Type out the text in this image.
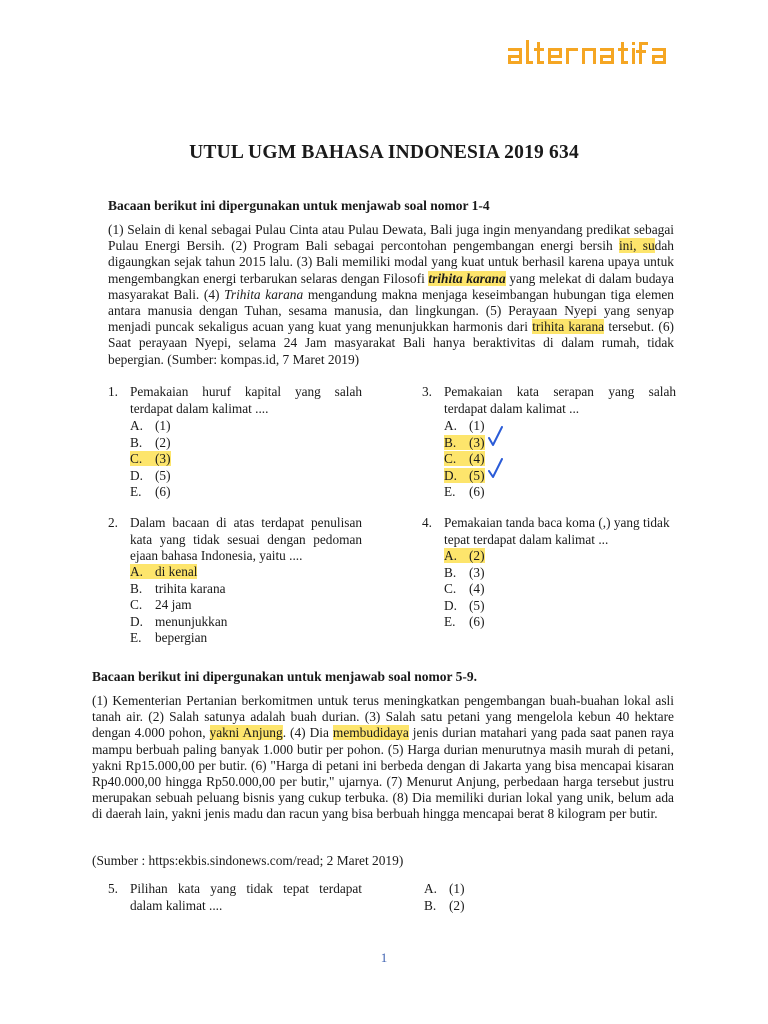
UTUL UGM BAHASA INDONESIA 2019 634
Bacaan berikut ini dipergunakan untuk menjawab soal nomor 1-4
(1) Selain di kenal sebagai Pulau Cinta atau Pulau Dewata, Bali juga ingin menyandang predikat sebagai Pulau Energi Bersih. (2) Program Bali sebagai percontohan pengembangan energi bersih ini, sudah digaungkan sejak tahun 2015 lalu. (3) Bali memiliki modal yang kuat untuk berhasil karena upaya untuk mengembangkan energi terbarukan selaras dengan Filosofi trihita karana yang melekat di dalam budaya masyarakat Bali. (4) Trihita karana mengandung makna menjaga keseimbangan hubungan tiga elemen antara manusia dengan Tuhan, sesama manusia, dan lingkungan. (5) Perayaan Nyepi yang senyap menjadi puncak sekaligus acuan yang kuat yang menunjukkan harmonis dari trihita karana tersebut. (6) Saat perayaan Nyepi, selama 24 Jam masyarakat Bali hanya beraktivitas di dalam rumah, tidak bepergian. (Sumber: kompas.id, 7 Maret 2019)
1. Pemakaian huruf kapital yang salah terdapat dalam kalimat ....
A. (1)
B. (2)
C. (3)
D. (5)
E. (6)
3. Pemakaian kata serapan yang salah terdapat dalam kalimat ...
A. (1)
B. (3)
C. (4)
D. (5)
E. (6)
2. Dalam bacaan di atas terdapat penulisan kata yang tidak sesuai dengan pedoman ejaan bahasa Indonesia, yaitu ....
A. di kenal
B. trihita karana
C. 24 jam
D. menunjukkan
E. bepergian
4. Pemakaian tanda baca koma (,) yang tidak tepat terdapat dalam kalimat ...
A. (2)
B. (3)
C. (4)
D. (5)
E. (6)
Bacaan berikut ini dipergunakan untuk menjawab soal nomor 5-9.
(1) Kementerian Pertanian berkomitmen untuk terus meningkatkan pengembangan buah-buahan lokal asli tanah air. (2) Salah satunya adalah buah durian. (3) Salah satu petani yang mengelola kebun 40 hektare dengan 4.000 pohon, yakni Anjung. (4) Dia membudidaya jenis durian matahari yang pada saat panen raya mampu berbuah paling banyak 1.000 butir per pohon. (5) Harga durian menurutnya masih murah di petani, yakni Rp15.000,00 per butir. (6) "Harga di petani ini berbeda dengan di Jakarta yang bisa mencapai kisaran Rp40.000,00 hingga Rp50.000,00 per butir," ujarnya. (7) Menurut Anjung, perbedaan harga tersebut justru merupakan sebuah peluang bisnis yang cukup terbuka. (8) Dia memiliki durian lokal yang unik, belum ada di daerah lain, yakni jenis madu dan racun yang bisa berbuah hingga mencapai berat 8 kilogram per butir.
(Sumber : https:ekbis.sindonews.com/read; 2 Maret 2019)
5. Pilihan kata yang tidak tepat terdapat dalam kalimat ....
A. (1)
B. (2)
1
